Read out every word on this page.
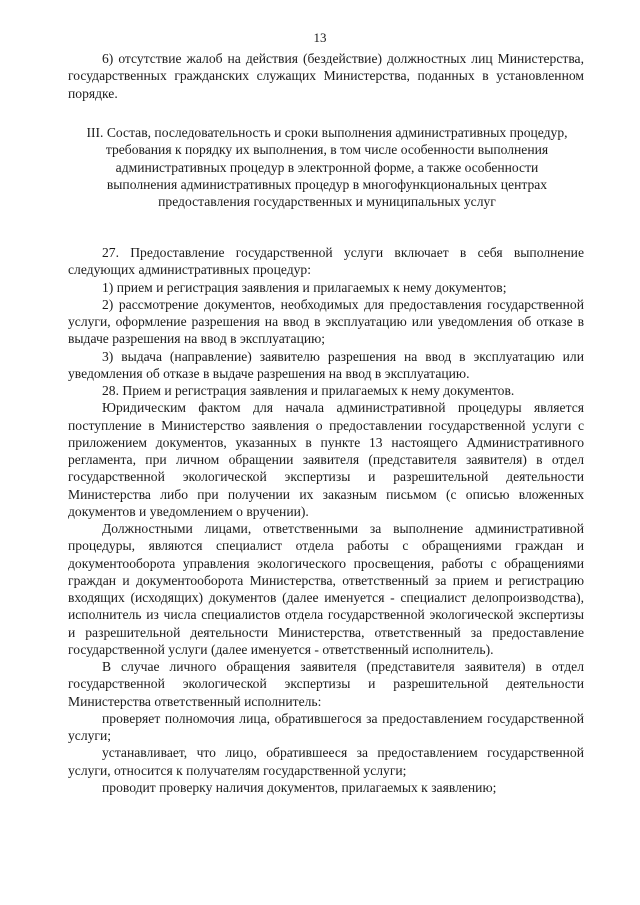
13

6) отсутствие жалоб на действия (бездействие) должностных лиц Министерства, государственных гражданских служащих Министерства, поданных в установленном порядке.

III. Состав, последовательность и сроки выполнения административных процедур, требования к порядку их выполнения, в том числе особенности выполнения административных процедур в электронной форме, а также особенности выполнения административных процедур в многофункциональных центрах предоставления государственных и муниципальных услуг

27. Предоставление государственной услуги включает в себя выполнение следующих административных процедур:

1) прием и регистрация заявления и прилагаемых к нему документов;

2) рассмотрение документов, необходимых для предоставления государственной услуги, оформление разрешения на ввод в эксплуатацию или уведомления об отказе в выдаче разрешения на ввод в эксплуатацию;

3) выдача (направление) заявителю разрешения на ввод в эксплуатацию или уведомления об отказе в выдаче разрешения на ввод в эксплуатацию.

28. Прием и регистрация заявления и прилагаемых к нему документов.

Юридическим фактом для начала административной процедуры является поступление в Министерство заявления о предоставлении государственной услуги с приложением документов, указанных в пункте 13 настоящего Административного регламента, при личном обращении заявителя (представителя заявителя) в отдел государственной экологической экспертизы и разрешительной деятельности Министерства либо при получении их заказным письмом (с описью вложенных документов и уведомлением о вручении).

Должностными лицами, ответственными за выполнение административной процедуры, являются специалист отдела работы с обращениями граждан и документооборота управления экологического просвещения, работы с обращениями граждан и документооборота Министерства, ответственный за прием и регистрацию входящих (исходящих) документов (далее именуется - специалист делопроизводства), исполнитель из числа специалистов отдела государственной экологической экспертизы и разрешительной деятельности Министерства, ответственный за предоставление государственной услуги (далее именуется - ответственный исполнитель).

В случае личного обращения заявителя (представителя заявителя) в отдел государственной экологической экспертизы и разрешительной деятельности Министерства ответственный исполнитель:

проверяет полномочия лица, обратившегося за предоставлением государственной услуги;

устанавливает, что лицо, обратившееся за предоставлением государственной услуги, относится к получателям государственной услуги;

проводит проверку наличия документов, прилагаемых к заявлению;
